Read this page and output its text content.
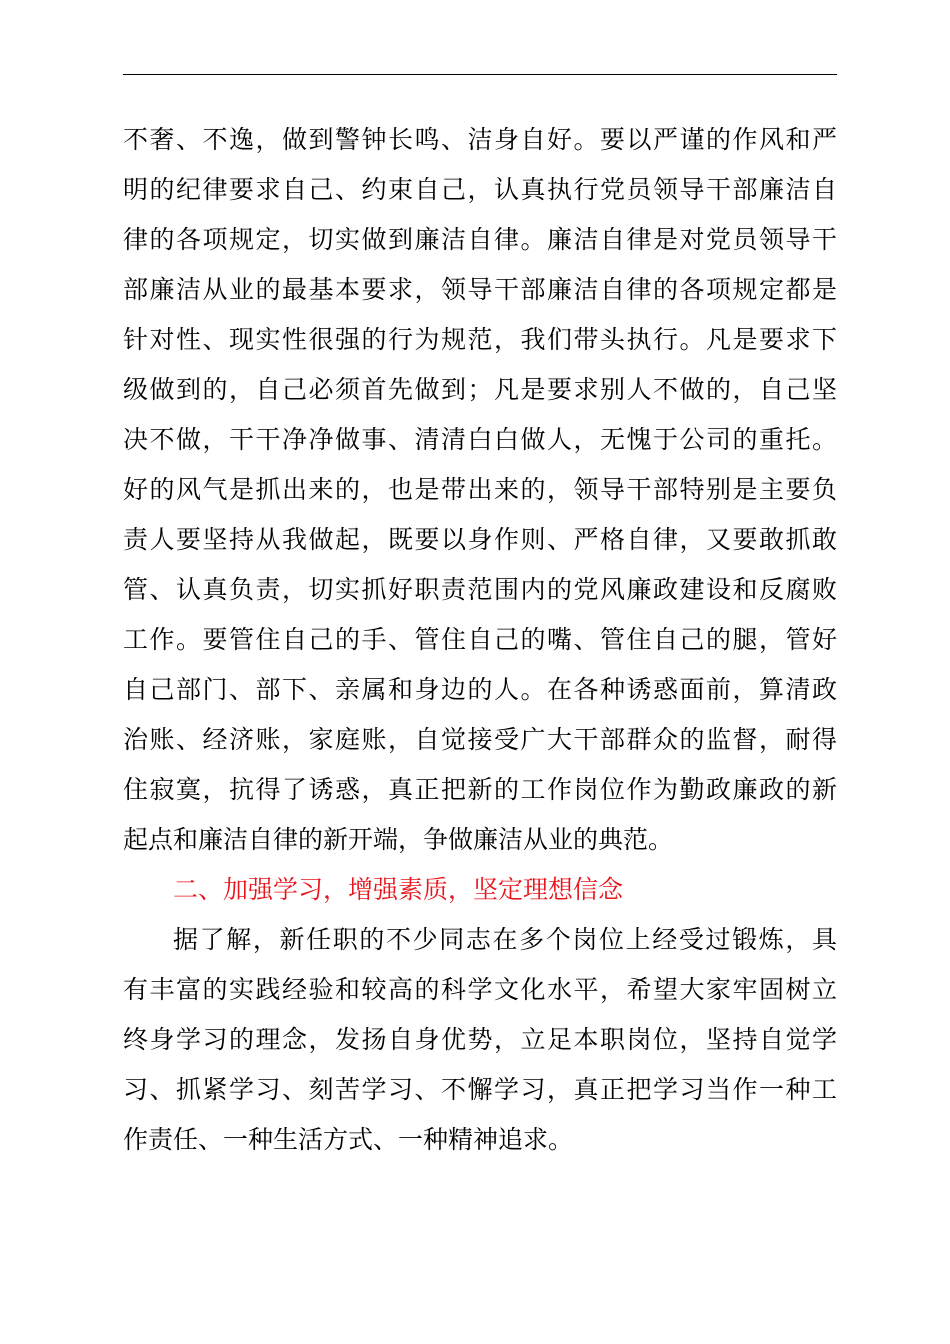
不奢、不逸，做到警钟长鸣、洁身自好。要以严谨的作风和严
明的纪律要求自己、约束自己，认真执行党员领导干部廉洁自
律的各项规定，切实做到廉洁自律。廉洁自律是对党员领导干
部廉洁从业的最基本要求，领导干部廉洁自律的各项规定都是
针对性、现实性很强的行为规范，我们带头执行。凡是要求下
级做到的，自己必须首先做到；凡是要求别人不做的，自己坚
决不做，干干净净做事、清清白白做人，无愧于公司的重托。
好的风气是抓出来的，也是带出来的，领导干部特别是主要负
责人要坚持从我做起，既要以身作则、严格自律，又要敢抓敢
管、认真负责，切实抓好职责范围内的党风廉政建设和反腐败
工作。要管住自己的手、管住自己的嘴、管住自己的腿，管好
自己部门、部下、亲属和身边的人。在各种诱惑面前，算清政
治账、经济账，家庭账，自觉接受广大干部群众的监督，耐得
住寂寞，抗得了诱惑，真正把新的工作岗位作为勤政廉政的新
起点和廉洁自律的新开端，争做廉洁从业的典范。
二、加强学习，增强素质，坚定理想信念
据了解，新任职的不少同志在多个岗位上经受过锻炼，具
有丰富的实践经验和较高的科学文化水平，希望大家牢固树立
终身学习的理念，发扬自身优势，立足本职岗位，坚持自觉学
习、抓紧学习、刻苦学习、不懈学习，真正把学习当作一种工
作责任、一种生活方式、一种精神追求。
